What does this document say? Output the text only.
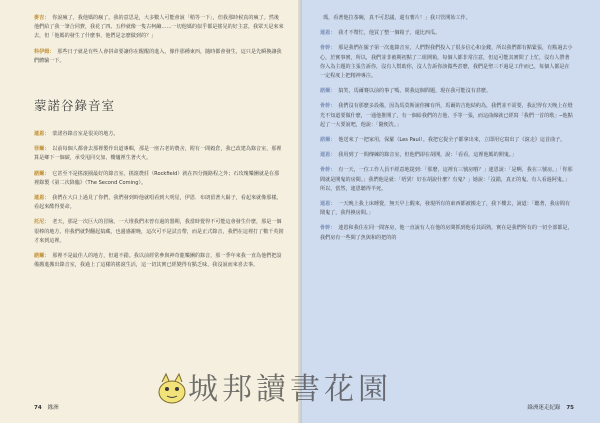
麥吉： 你說瘋了，我他媽的瘋了。我的意思是，大多數人可能會說「稍等一下」，但我那時候真的瘋了。然後他們給了我一筆合同費，我花了四、五秒就像一隻古柯鹼……一切他媽的似乎都是搖晃的好主意，我眾天是來來去，但「他媽的發生了什麼事，他們是怎麼做到的？」

科伊姆： 那些日子就是有些人會拼命要讓你在醒醒的進入，像作那種東西，隨時都會發生，這只是先瞬換讓我們體驗一下。

蒙諾谷錄音室

連恩： 蒙諾谷錄音室是很美的地方。

菲爾： 以前每個人都會去那裡製作出道專輯，那是一座古老的農舍，附有一間穀倉，我已改建為錄音室，那裡算是鄉下一個碳，承受甩同交加，樓爐裡生著火火。

諾爾： 它甚至不是搖滾圈最好的錄音室，搖滾農莊（Rockfield）就在四分鐘路程之外；石玫瑰樂團就是在那裡錄製《第二次降臨》（The Second Coming）。

連恩： 我們在大白上過見了你們，我們發到時他就唱看到大明星，伊恩．布朗留著大鬍子，看起來就像那樣。看起來酷得要命。

托尼： 老天，那是一次巨大的冒險。一大堆我們未曾有過的器期，我當時覺得不可能這會發生什麼，那是一個很棒的地方，你我們就對翻起搞藏，也邊感謝晚，這次可不是試音帶，而是正式錄音，我們在這裡打了數千英鎊才來到這裡。

諾爾： 那裡不是最佳人的地方，但還不錯。我以前經常參與神奇龍樂團的錄音，那一季年來我一直為他們把設備搬進搬出錄音室，我過上了這樣的搖滾生活，這一切其實已經變得有點乏味，我沒說而來喜去事。

74 緣洲

瑪，看著他拉茶碗，真不可思議，還有薯片！」我只管開始工作。

連恩： 我才不幫忙，他買了整一個箱子，還比西瓜。

骨幹： 那是我們在羅子第一次進錄音室，人們對我們投入了很多信心和金錢，所以我們都有點緊張，有點過去小心，於實事實，所以，我們並非被期初點了二組開箱，每個人都非常注意，但這可能其實問了上忙，沒有人帶著你入為主題的主張告訴你，沒有人幫助你，沒人告訴你該做些甚麼，我們是聖三不過是工作而已，每個人都是在一定程度上把精神專注。

諾爾： 搞笑，馬爾賽以前的事了嗎，問我這個問題，現在我可能沒有甚麼。

骨幹： 我們沒有那麼多設備，因為馬莫斯說你擁有所，馬爾的吉他結約為，我們並不需要，我記得有天晚上在燈光不知道要做什麼，一通他推開了，有一個給我們的吉他，手等一張，而這曲線就已經寫「我們一首的歌」─他點起了一大要說吧，他說：「隨便洗。」

諾爾： 他送來了一把家用，保羅（Les Paul）。我把它捉全子都拿出來，立即用它寫出了《滾走》這首曲子。

連恩： 我用到了一間傳練的錄音室，但他們卻在胡開，說：「看看，這裡他媽的開鬼。」

骨幹： 有一天，一位工作人員不經意地提到：「那麼，這裡有三號房哦？」連恩說：「是啊，我在三號房。」「你那間就是開鬼的房間。」我們他是就：「唔異！好在胡說什麼？有鬼？」她說：「沒錯，真正的鬼。有人看過阿鬼。」所以，當然，連恩聽得半死。

連恩： 一天晚上我上床睡覺，無天早上醒來，發現所有的東西都被搬走了，我下樓去，說道：「聽著，我房間有鬧鬼了，我得換房間。」

骨幹： 連恩和我住在同一間客房，他一直說有人在他的房間抓到他看其面熟，實在是我們所有的一切全部都是，我們房有一些間了魚與和的把的的

綠洲迷走紀錄 75
城邦讀書花園
